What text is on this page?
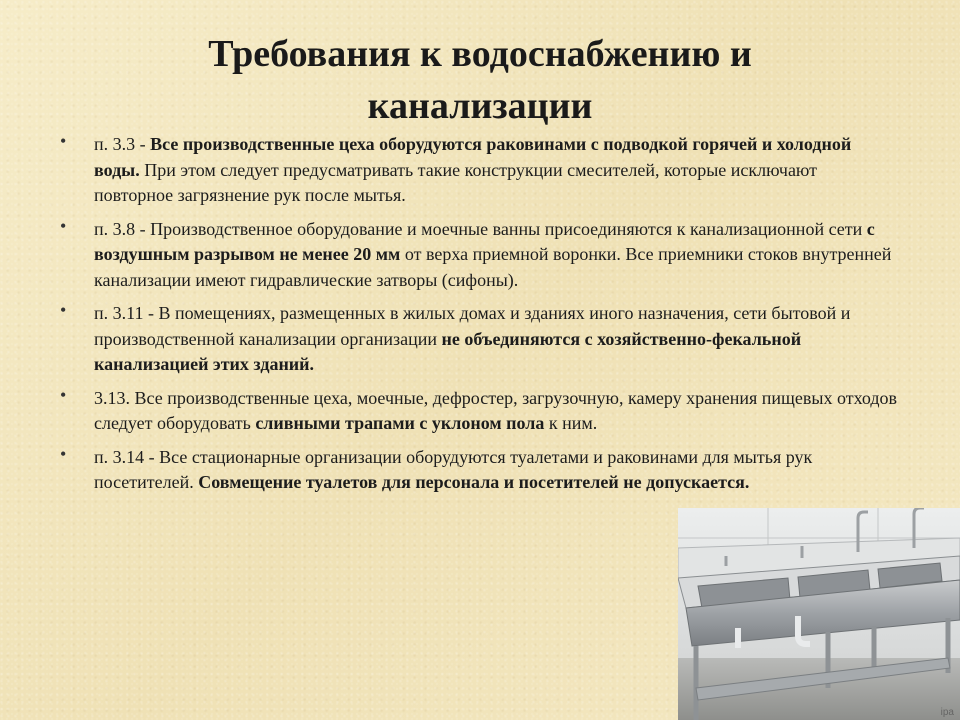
Требования к водоснабжению и канализации
• п. 3.3 - Все производственные цеха оборудуются раковинами с подводкой горячей и холодной воды. При этом следует предусматривать такие конструкции смесителей, которые исключают повторное загрязнение рук после мытья.
• п. 3.8 - Производственное оборудование и моечные ванны присоединяются к канализационной сети с воздушным разрывом не менее 20 мм от верха приемной воронки. Все приемники стоков внутренней канализации имеют гидравлические затворы (сифоны).
• п. 3.11 - В помещениях, размещенных в жилых домах и зданиях иного назначения, сети бытовой и производственной канализации организации не объединяются с хозяйственно-фекальной канализацией этих зданий.
• 3.13. Все производственные цеха, моечные, дефростер, загрузочную, камеру хранения пищевых отходов следует оборудовать сливными трапами с уклоном пола к ним.
• п. 3.14 - Все стационарные организации оборудуются туалетами и раковинами для мытья рук посетителей. Совмещение туалетов для персонала и посетителей не допускается.
ipa
